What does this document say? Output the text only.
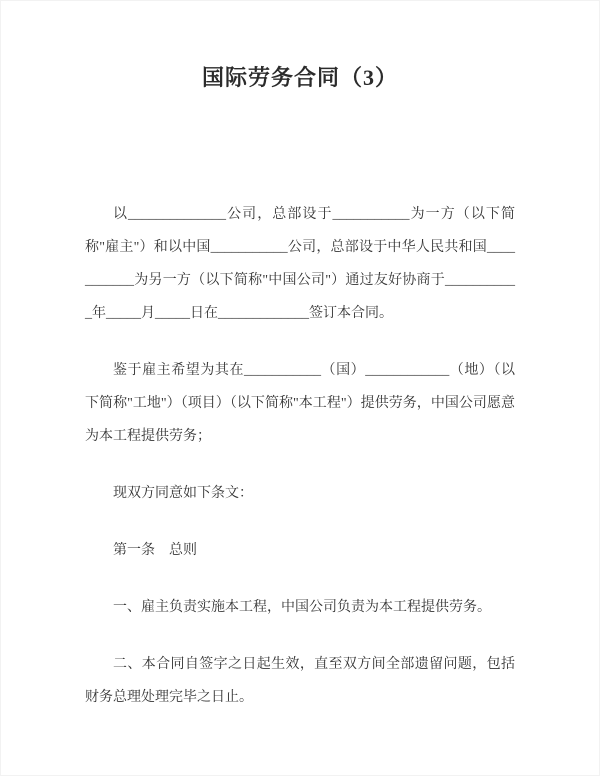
国际劳务合同（3）

以______________公司，总部设于___________为一方（以下简称"雇主"）和以中国___________公司，总部设于中华人民共和国___________为另一方（以下简称"中国公司"）通过友好协商于___________年_____月_____日在_____________签订本合同。

鉴于雇主希望为其在___________（国）____________（地）（以下简称"工地"）（项目）（以下简称"本工程"）提供劳务，中国公司愿意为本工程提供劳务；

现双方同意如下条文：

第一条　总则

一、雇主负责实施本工程，中国公司负责为本工程提供劳务。

二、本合同自签字之日起生效，直至双方间全部遗留问题，包括财务总理处理完毕之日止。
